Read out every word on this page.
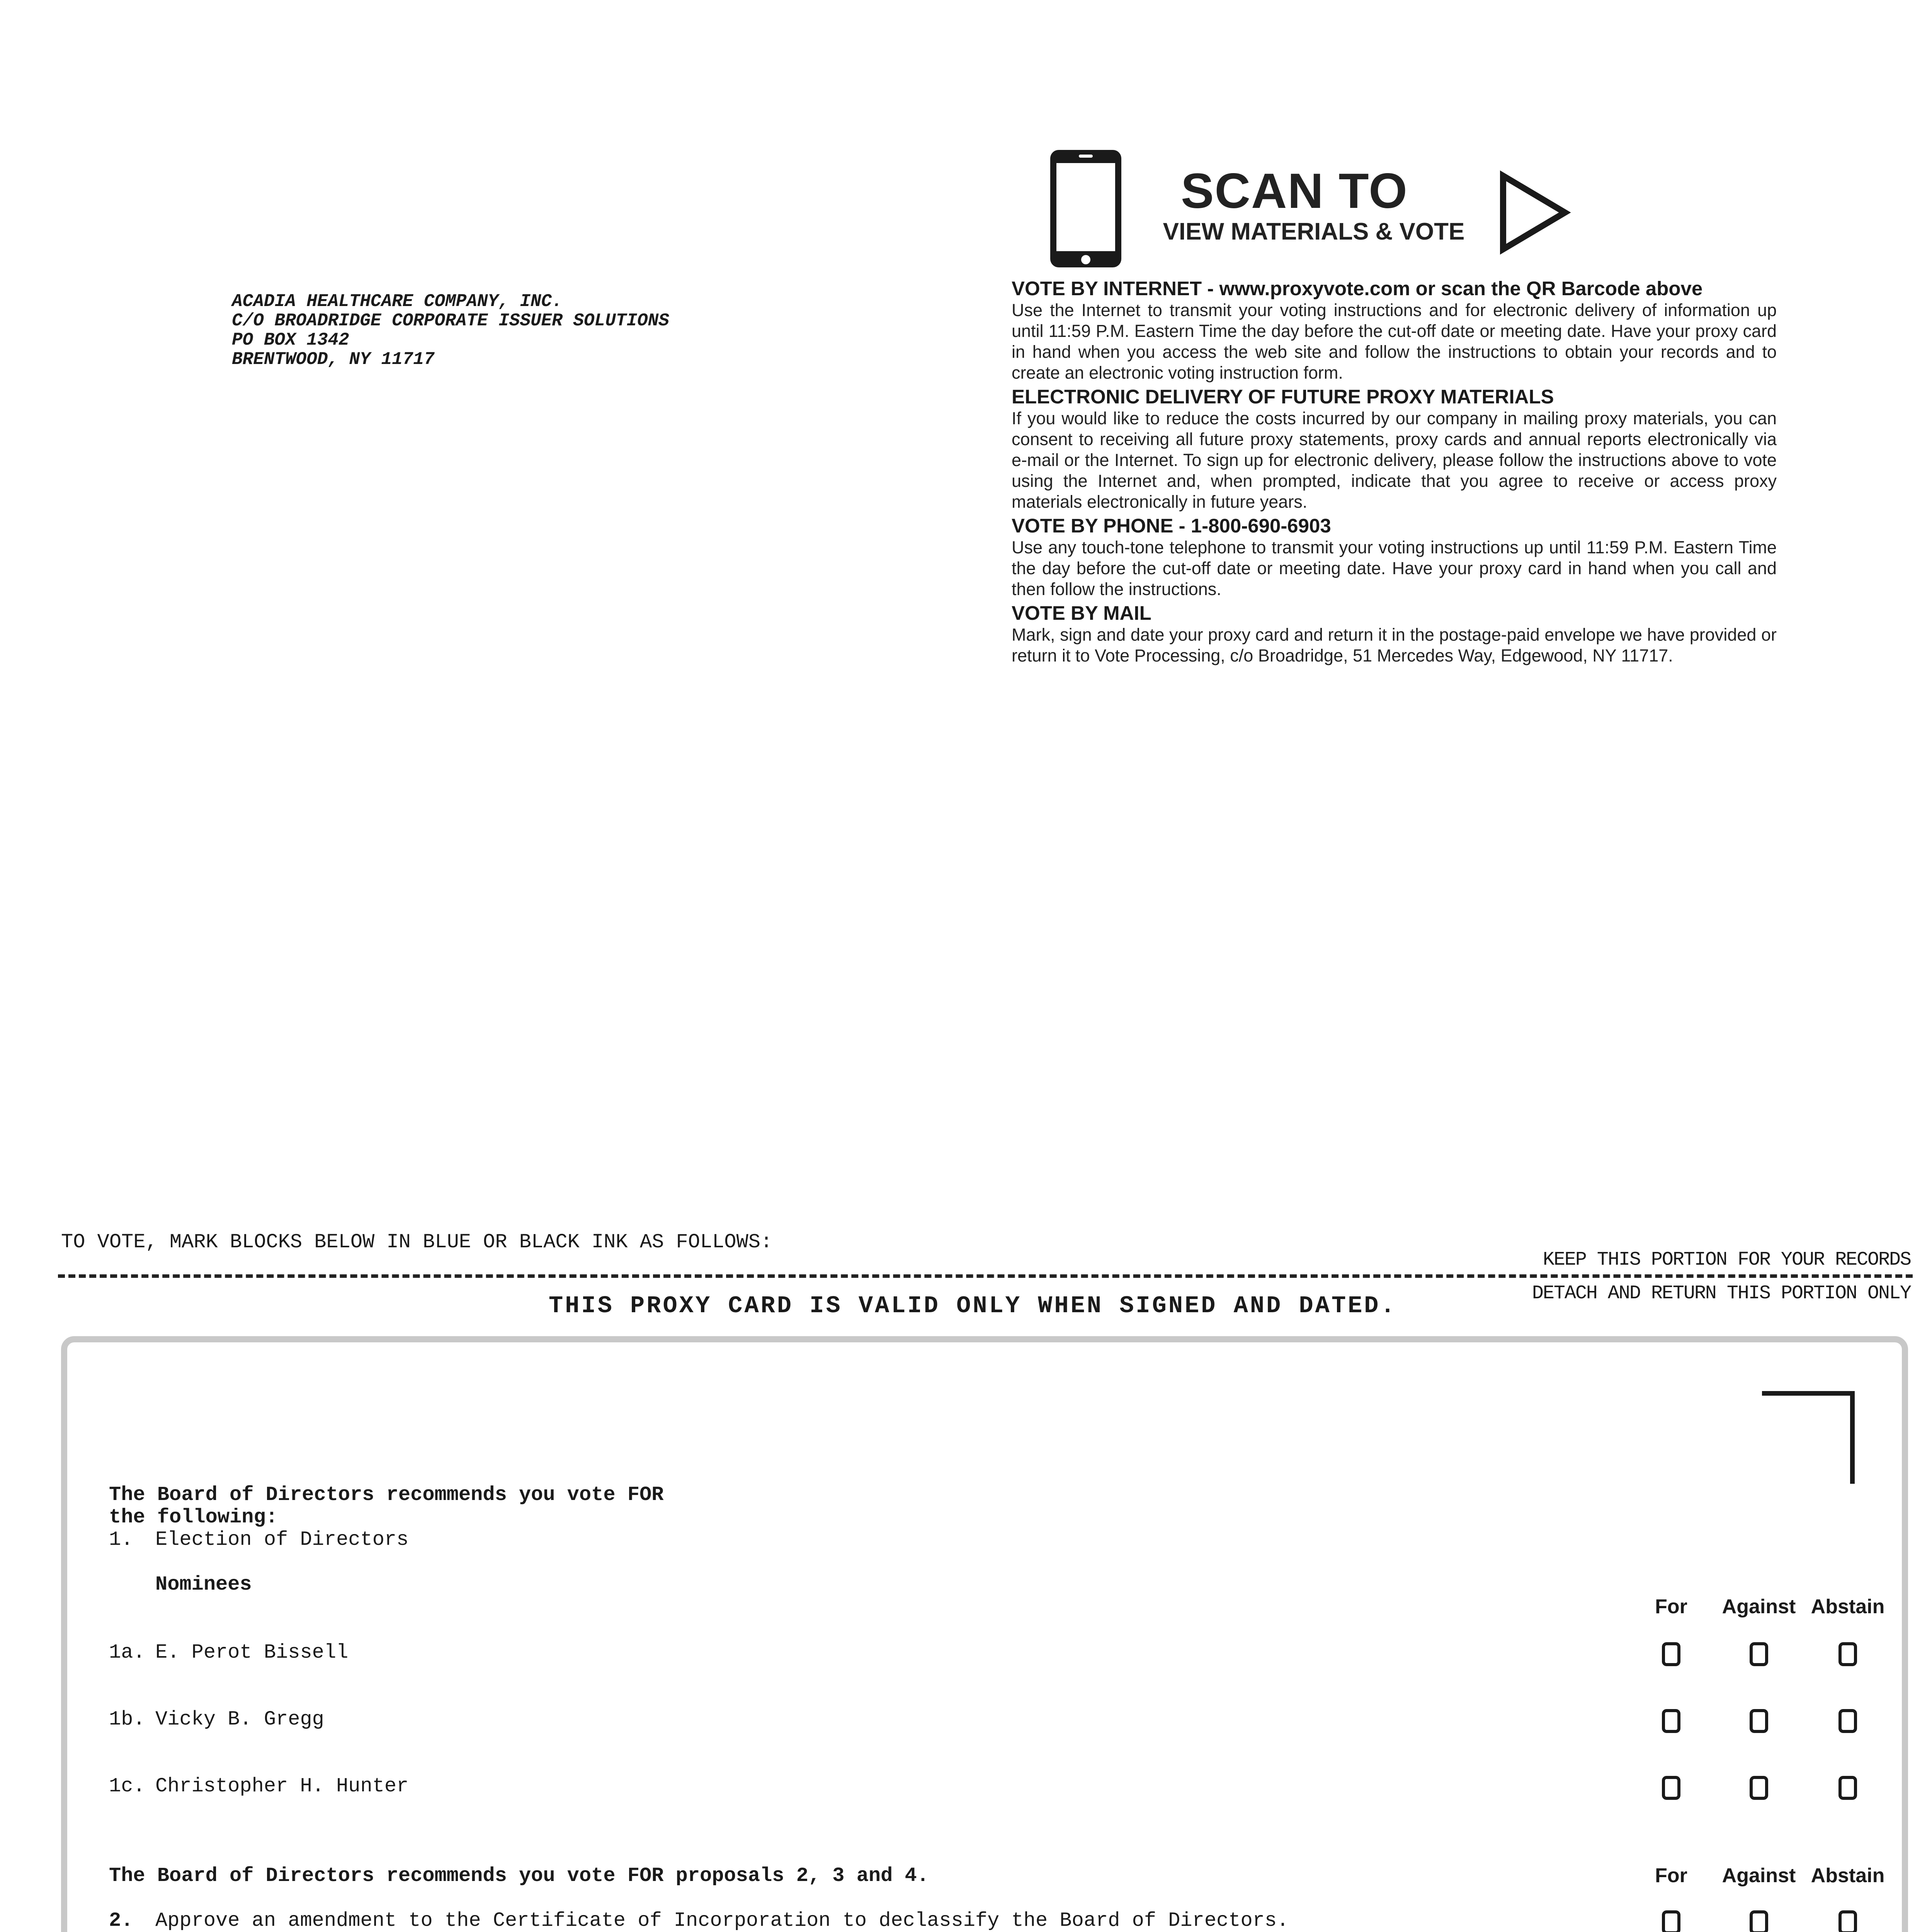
SCAN TO
VIEW MATERIALS & VOTE
ACADIA HEALTHCARE COMPANY, INC.
C/O BROADRIDGE CORPORATE ISSUER SOLUTIONS
PO BOX 1342
BRENTWOOD, NY 11717

VOTE BY INTERNET - www.proxyvote.com or scan the QR Barcode above

Use the Internet to transmit your voting instructions and for electronic delivery of information up until 11:59 P.M. Eastern Time the day before the cut-off date or meeting date. Have your proxy card in hand when you access the web site and follow the instructions to obtain your records and to create an electronic voting instruction form.

ELECTRONIC DELIVERY OF FUTURE PROXY MATERIALS

If you would like to reduce the costs incurred by our company in mailing proxy materials, you can consent to receiving all future proxy statements, proxy cards and annual reports electronically via e-mail or the Internet. To sign up for electronic delivery, please follow the instructions above to vote using the Internet and, when prompted, indicate that you agree to receive or access proxy materials electronically in future years.

VOTE BY PHONE - 1-800-690-6903

Use any touch-tone telephone to transmit your voting instructions up until 11:59 P.M. Eastern Time the day before the cut-off date or meeting date. Have your proxy card in hand when you call and then follow the instructions.

VOTE BY MAIL

Mark, sign and date your proxy card and return it in the postage-paid envelope we have provided or return it to Vote Processing, c/o Broadridge, 51 Mercedes Way, Edgewood, NY 11717.

TO VOTE, MARK BLOCKS BELOW IN BLUE OR BLACK INK AS FOLLOWS:
KEEP THIS PORTION FOR YOUR RECORDS
THIS PROXY CARD IS VALID ONLY WHEN SIGNED AND DATED.	DETACH AND RETURN THIS PORTION ONLY
The Board of Directors recommends you vote FOR
the following:
1. Election of Directors
Nominees
For	Against Abstain
1a. E. Perot Bissell
1b. Vicky B. Gregg
1c. Christopher H. Hunter
The Board of Directors recommends you vote FOR proposals 2, 3 and 4.	For	Against Abstain
2. Approve an amendment to the Certificate of Incorporation to declassify the Board of Directors.
